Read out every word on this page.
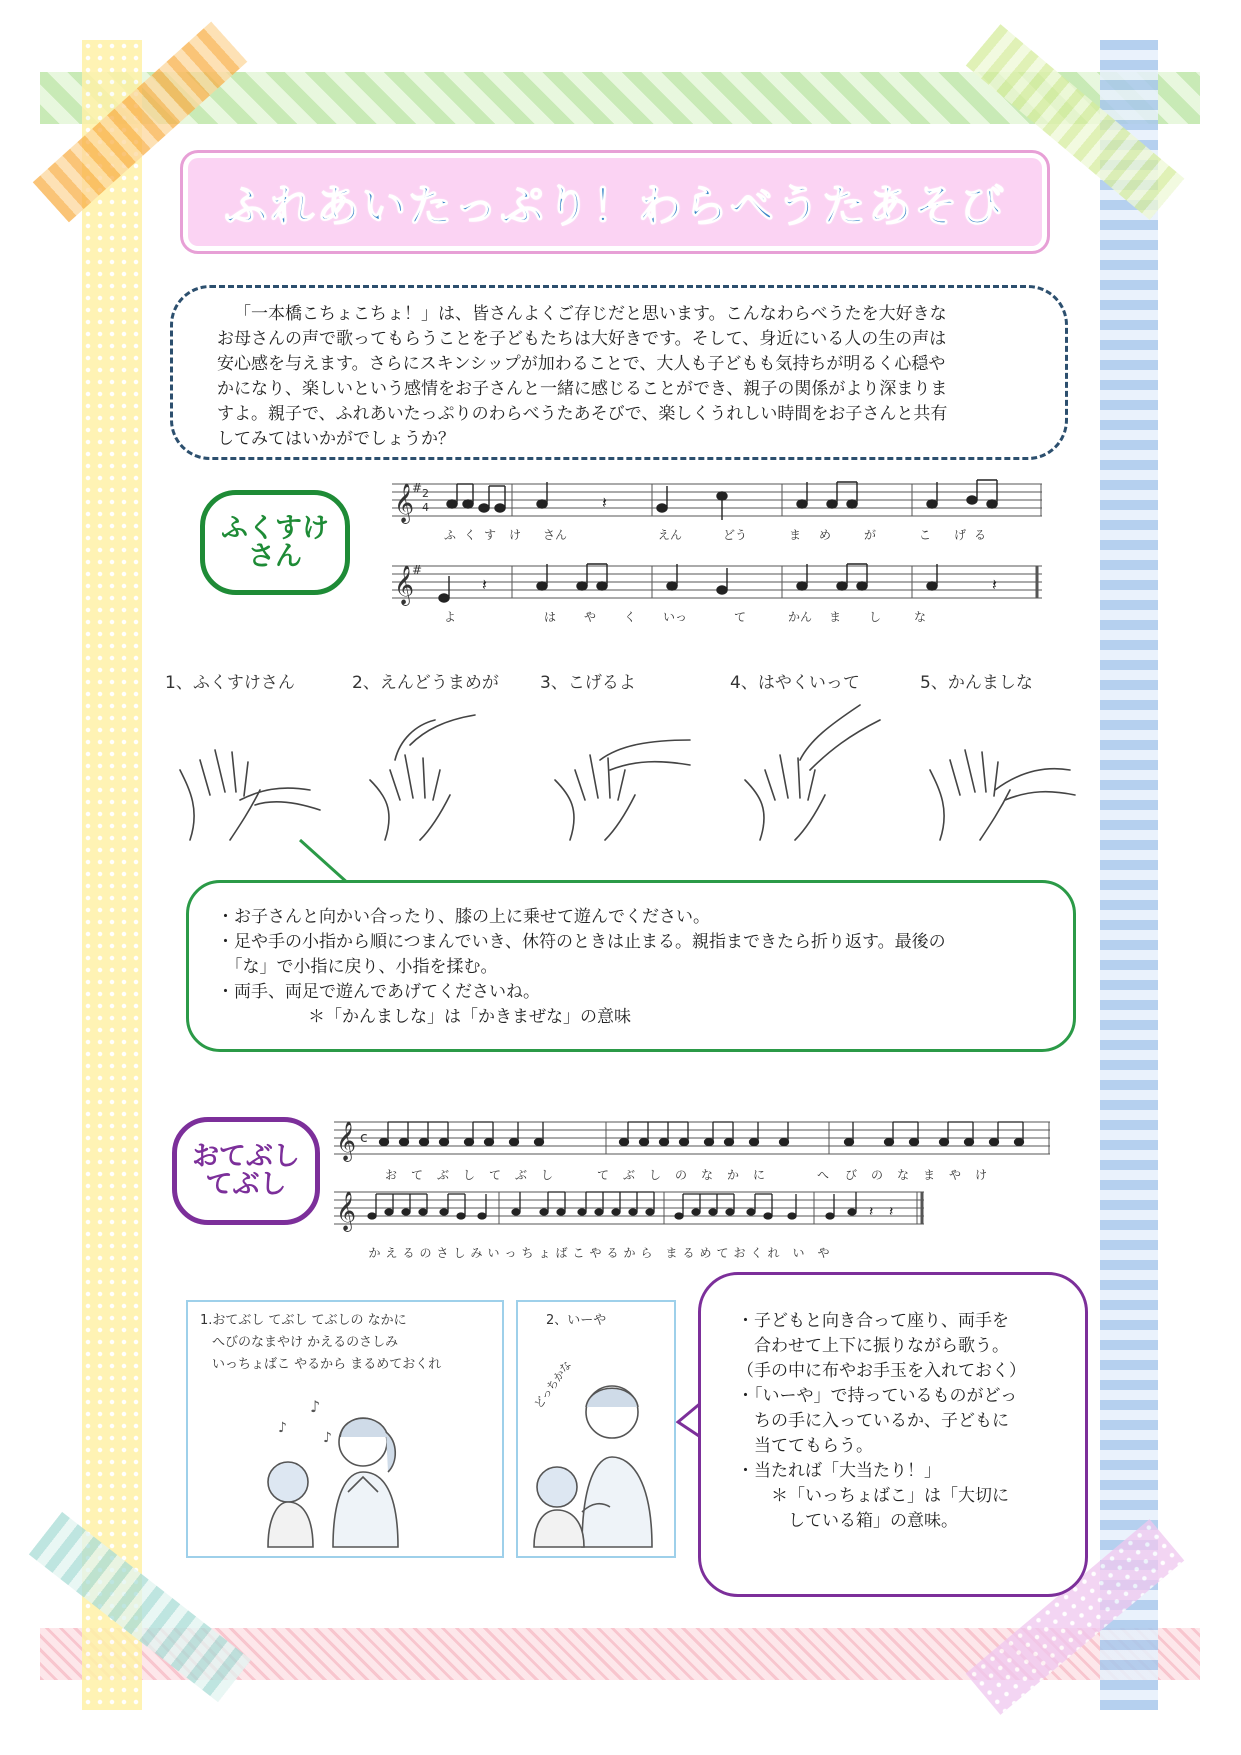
ふれあいたっぷり！わらべうたあそび
「一本橋こちょこちょ！」は、皆さんよくご存じだと思います。こんなわらべうたを大好きな
お母さんの声で歌ってもらうことを子どもたちは大好きです。そして、身近にいる人の生の声は
安心感を与えます。さらにスキンシップが加わることで、大人も子どもも気持ちが明るく心穏や
かになり、楽しいという感情をお子さんと一緒に感じることができ、親子の関係がより深まりま
すよ。親子で、ふれあいたっぷりのわらべうたあそびで、楽しくうれしい時間をお子さんと共有
してみてはいかがでしょうか？
ふくすけ
さん
𝄞 2
4
#
𝄽
ふ く す	け	さん	えん	どう	ま	め	が	こ	げ る
𝄞
#
𝄽	𝄽
よ	は	や	く	いっ	て	かん	ま	し	な
1、ふくすけさん	2、えんどうまめが 3、こげるよ	4、はやくいって	5、かんましな
・お子さんと向かい合ったり、膝の上に乗せて遊んでください。
・足や手の小指から順につまんでいき、休符のときは止まる。親指まできたら折り返す。最後の
　「な」で小指に戻り、小指を揉む。
・両手、両足で遊んであげてくださいね。
　　　＊「かんましな」は「かきまぜな」の意味
おてぶし
てぶし
𝄞 c
お	て	ぶ	し	て	ぶ	し	て	ぶ	し	の	な	か	に	へ	び	の	な	ま	や	け
𝄞	𝄽 𝄽
か え る の さ し み い っ ち ょ ば こ や る か ら ま る め て お く れ い や
1.おてぶし てぶし てぶしの なかに
へびのなまやけ かえるのさしみ
いっちょばこ やるから まるめておくれ
♪
♪
♪
2、いーや
どっちかな
・子どもと向き合って座り、両手を
　合わせて上下に振りながら歌う。
（手の中に布やお手玉を入れておく）
・「いーや」で持っているものがどっ
　ちの手に入っているか、子どもに
　当ててもらう。
・当たれば「大当たり！」
　　＊「いっちょばこ」は「大切に
　　　している箱」の意味。
